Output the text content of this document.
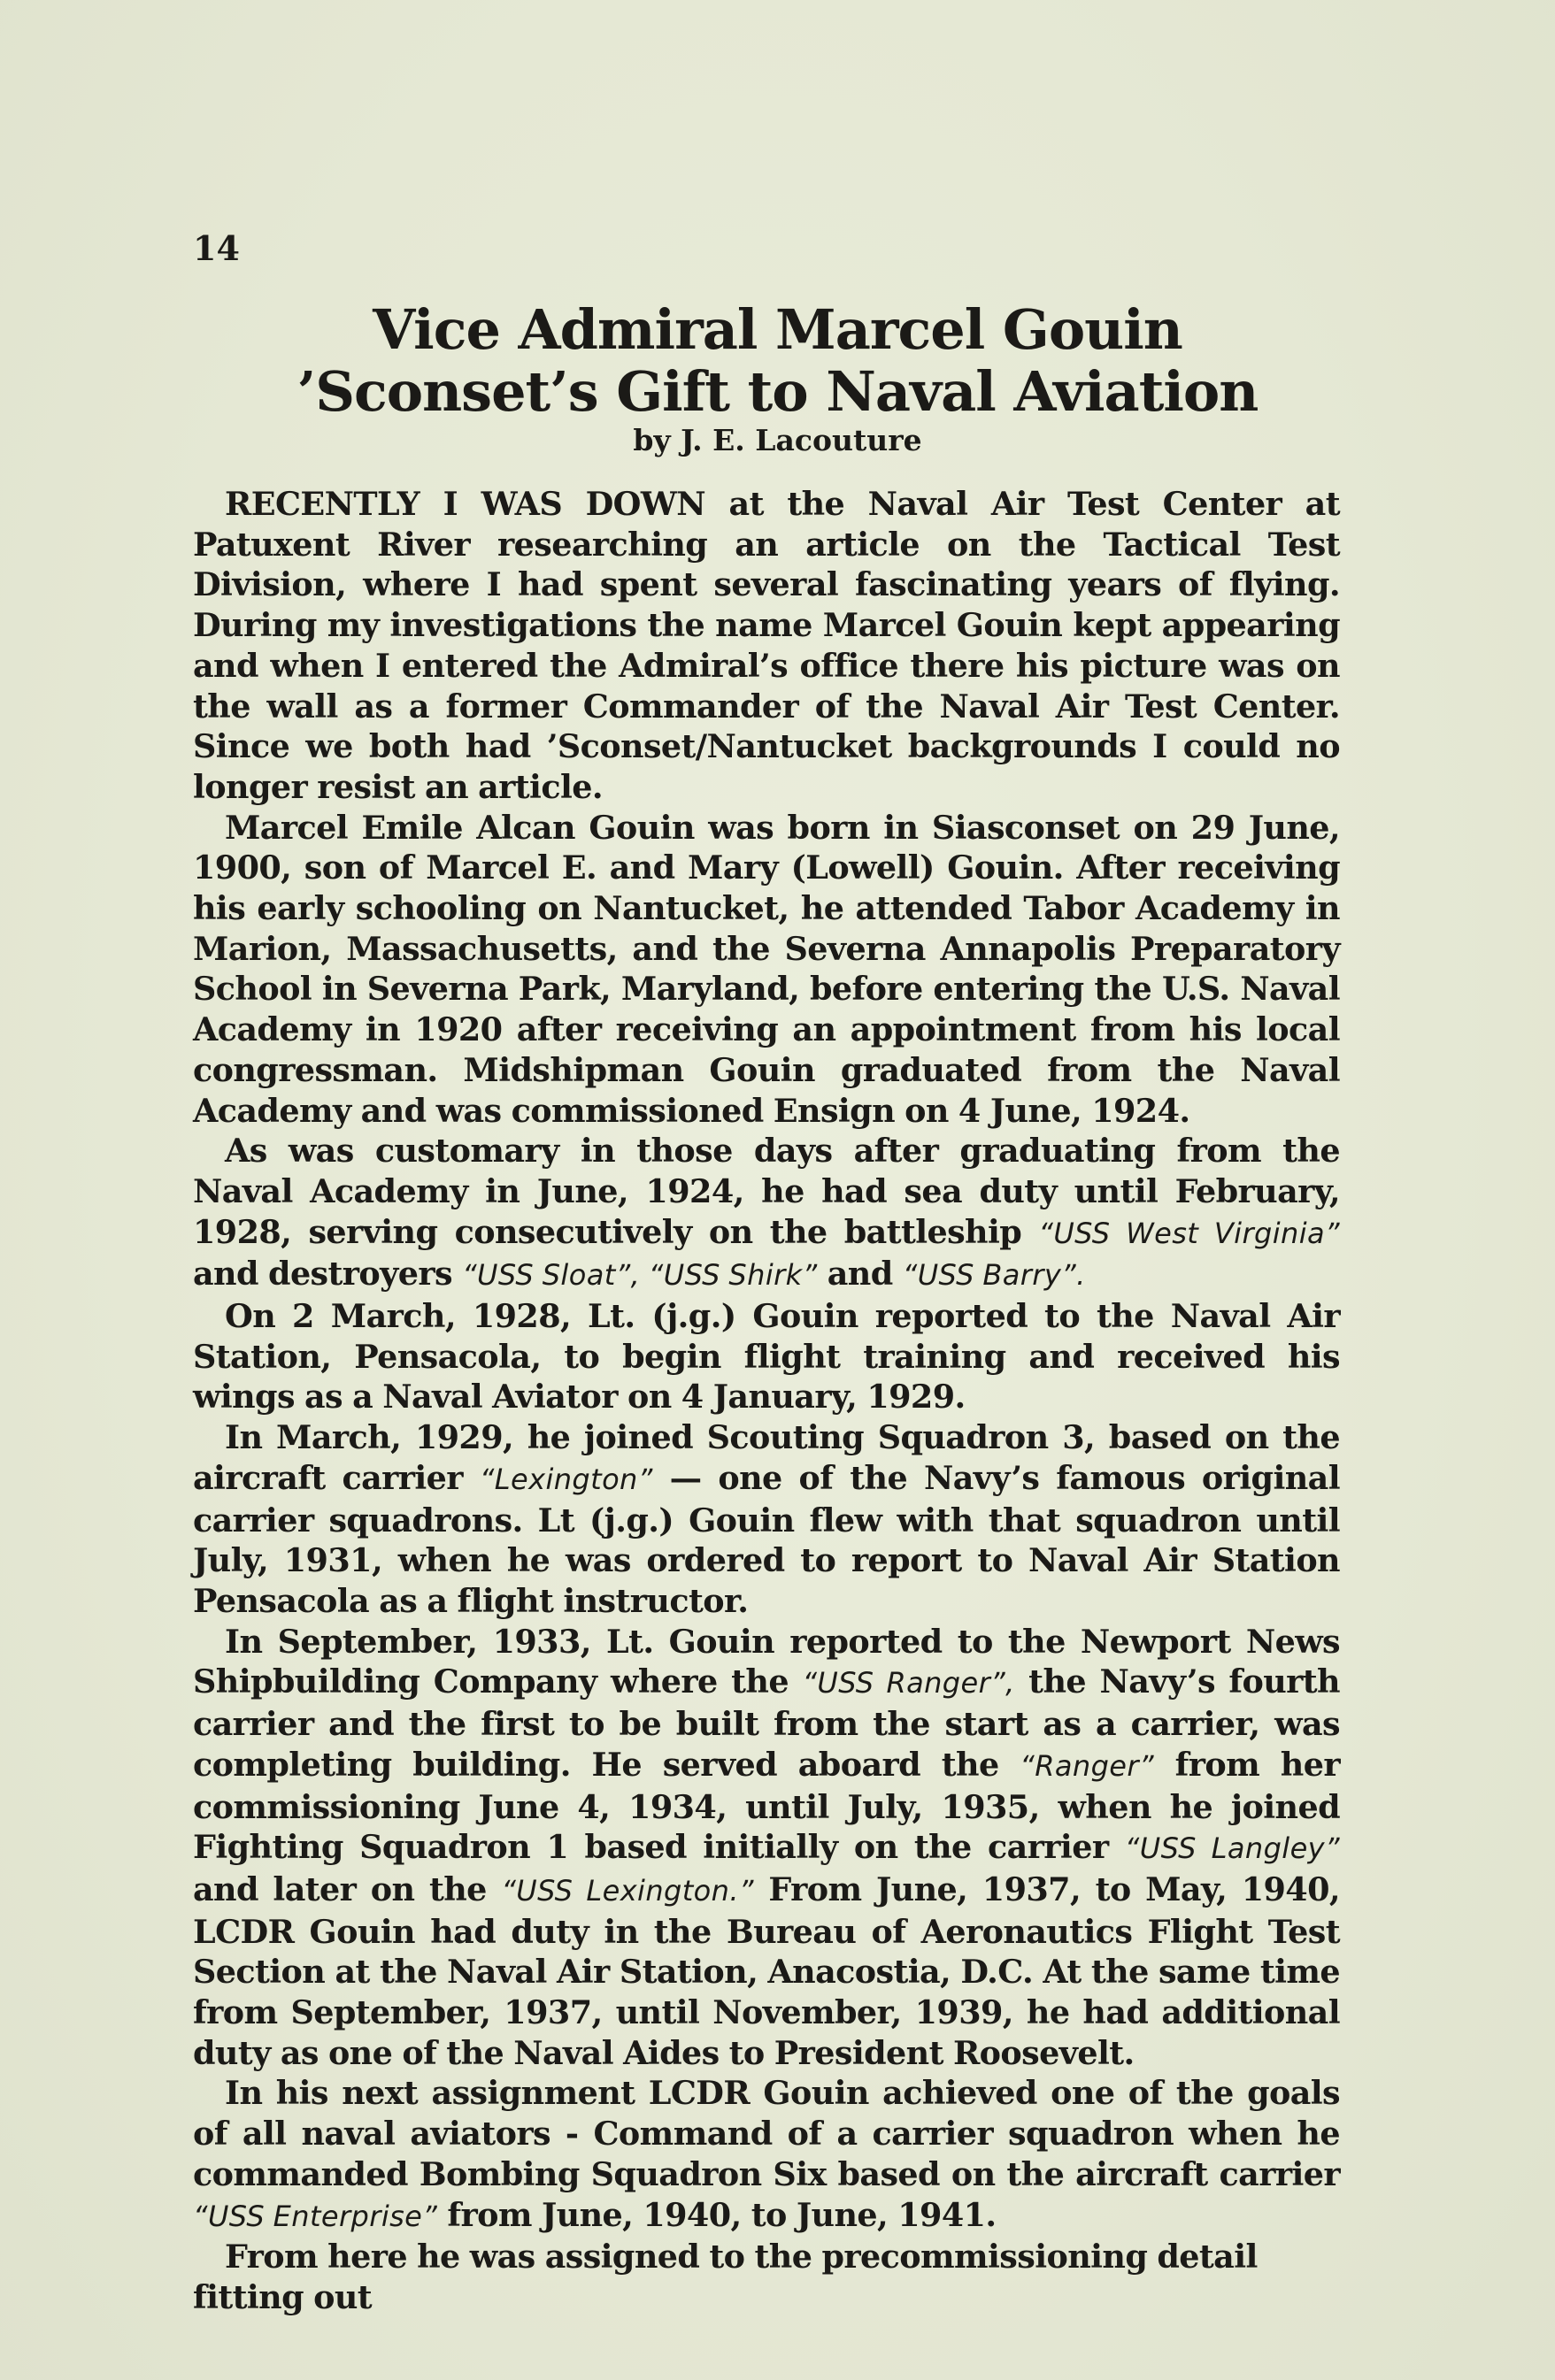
14
Vice Admiral Marcel Gouin
’Sconset’s Gift to Naval Aviation
by J. E. Lacouture

RECENTLY I WAS DOWN at the Naval Air Test Center at Patuxent River researching an article on the Tactical Test Division, where I had spent several fascinating years of flying. During my investigations the name Marcel Gouin kept appearing and when I entered the Admiral’s office there his picture was on the wall as a former Commander of the Naval Air Test Center. Since we both had ’Sconset/Nantucket backgrounds I could no longer resist an article.

Marcel Emile Alcan Gouin was born in Siasconset on 29 June, 1900, son of Marcel E. and Mary (Lowell) Gouin. After receiving his early schooling on Nantucket, he attended Tabor Academy in Marion, Massachusetts, and the Severna Annapolis Preparatory School in Severna Park, Maryland, before entering the U.S. Naval Academy in 1920 after receiving an appointment from his local congressman. Midshipman Gouin graduated from the Naval Academy and was commissioned Ensign on 4 June, 1924.

As was customary in those days after graduating from the Naval Academy in June, 1924, he had sea duty until February, 1928, serving consecutively on the battleship “USS West Virginia” and destroyers “USS Sloat”, “USS Shirk” and “USS Barry”.

On 2 March, 1928, Lt. (j.g.) Gouin reported to the Naval Air Station, Pensacola, to begin flight training and received his wings as a Naval Aviator on 4 January, 1929.

In March, 1929, he joined Scouting Squadron 3, based on the aircraft carrier “Lexington” — one of the Navy’s famous original carrier squadrons. Lt (j.g.) Gouin flew with that squadron until July, 1931, when he was ordered to report to Naval Air Station Pensacola as a flight instructor.

In September, 1933, Lt. Gouin reported to the Newport News Shipbuilding Company where the “USS Ranger”, the Navy’s fourth carrier and the first to be built from the start as a carrier, was completing building. He served aboard the “Ranger” from her commissioning June 4, 1934, until July, 1935, when he joined Fighting Squadron 1 based initially on the carrier “USS Langley” and later on the “USS Lexington.” From June, 1937, to May, 1940, LCDR Gouin had duty in the Bureau of Aeronautics Flight Test Section at the Naval Air Station, Anacostia, D.C. At the same time from September, 1937, until November, 1939, he had additional duty as one of the Naval Aides to President Roosevelt.

In his next assignment LCDR Gouin achieved one of the goals of all naval aviators - Command of a carrier squadron when he commanded Bombing Squadron Six based on the aircraft carrier “USS Enterprise” from June, 1940, to June, 1941.

From here he was assigned to the precommissioning detail fitting out
